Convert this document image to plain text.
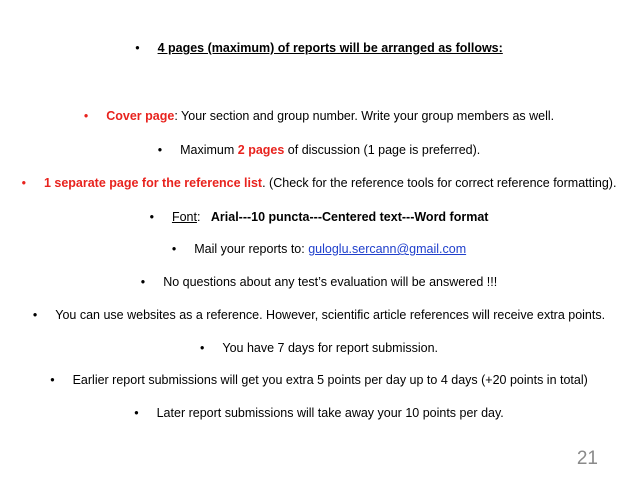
• 4 pages (maximum) of reports will be arranged as follows:
• Cover page: Your section and group number. Write your group members as well.
• Maximum 2 pages of discussion (1 page is preferred).
• 1 separate page for the reference list. (Check for the reference tools for correct reference formatting).
• Font:   Arial---10 puncta---Centered text---Word format
• Mail your reports to: guloglu.sercann@gmail.com
• No questions about any test’s evaluation will be answered !!!
• You can use websites as a reference. However, scientific article references will receive extra points.
• You have 7 days for report submission.
• Earlier report submissions will get you extra 5 points per day up to 4 days (+20 points in total)
• Later report submissions will take away your 10 points per day.
21
